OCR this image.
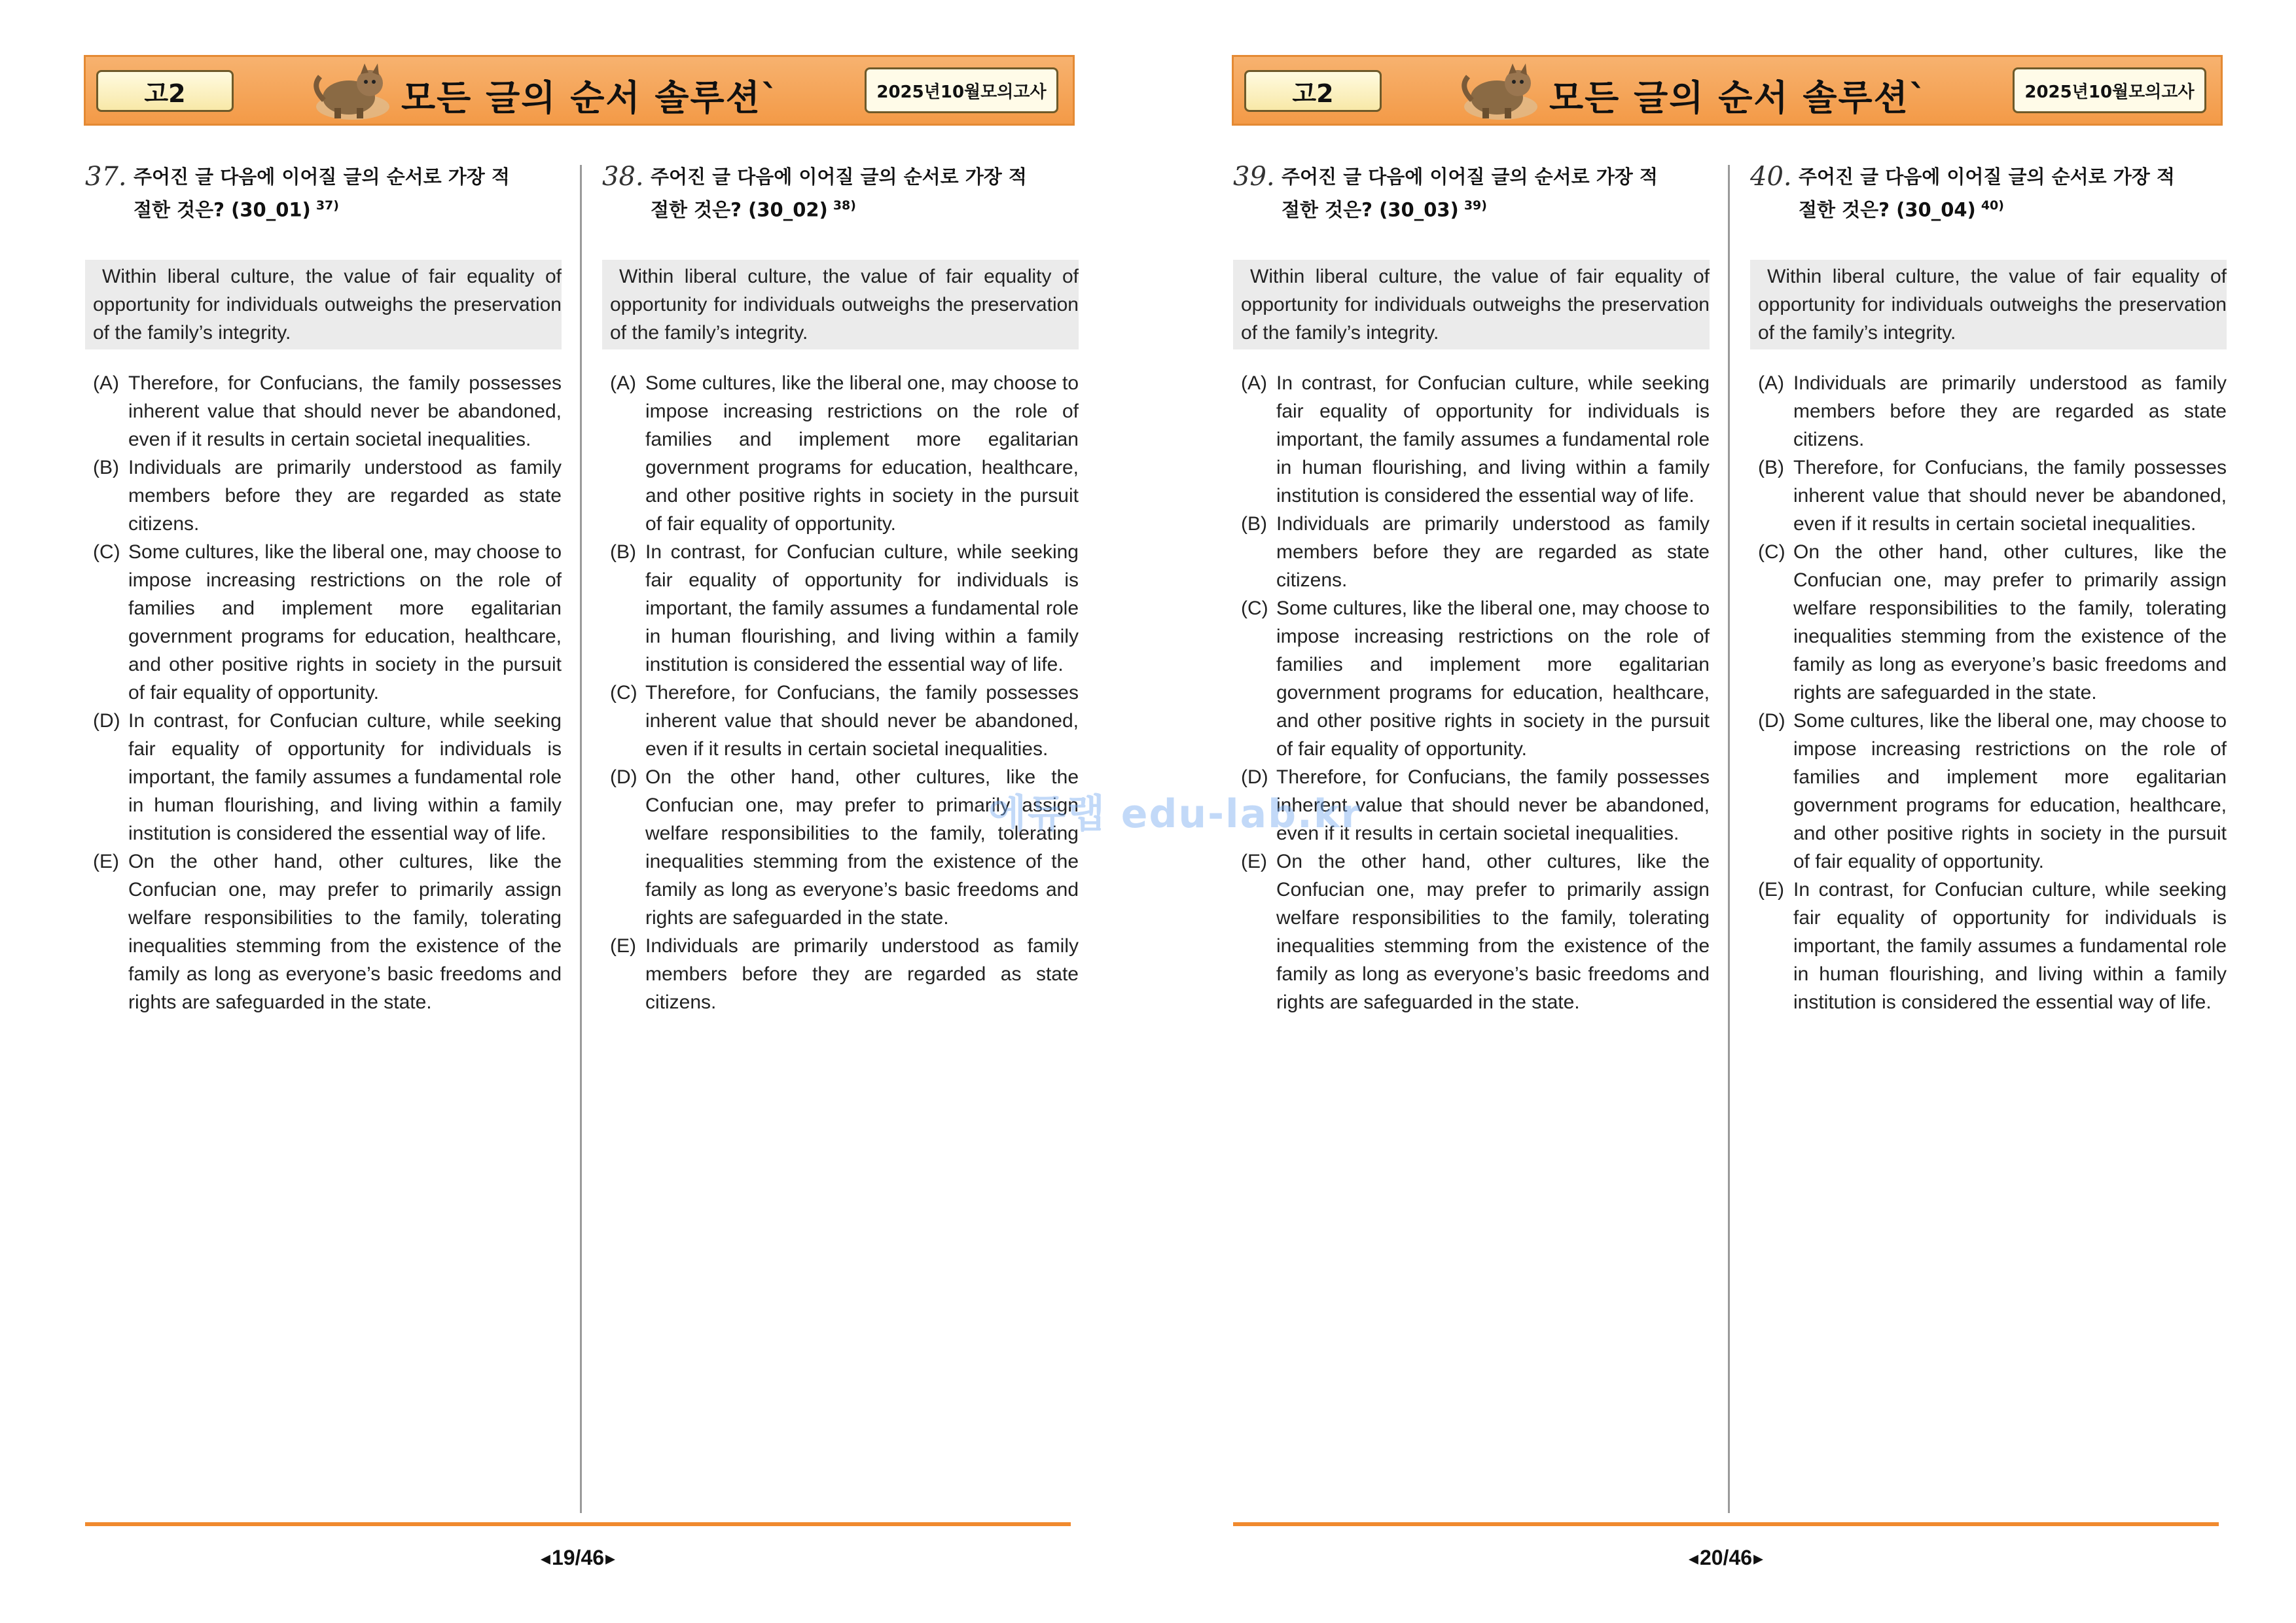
고2	모든 글의 순서 솔루션`	2025년10월모의고사
37. 주어진 글 다음에 이어질 글의 순서로 가장 적
절한 것은? (30_01) $^{37)}$
Within liberal culture, the value of fair equality of opportunity for individuals outweighs the preservation of the family’s integrity.
(A) Therefore, for Confucians, the family possesses inherent value that should never be abandoned, even if it results in certain societal inequalities.
(B) Individuals are primarily understood as family members before they are regarded as state citizens.
(C) Some cultures, like the liberal one, may choose to impose increasing restrictions on the role of families and implement more egalitarian government programs for education, healthcare, and other positive rights in society in the pursuit of fair equality of opportunity.
(D) In contrast, for Confucian culture, while seeking fair equality of opportunity for individuals is important, the family assumes a fundamental role in human flourishing, and living within a family institution is considered the essential way of life.
(E) On the other hand, other cultures, like the Confucian one, may prefer to primarily assign welfare responsibilities to the family, tolerating inequalities stemming from the existence of the family as long as everyone’s basic freedoms and rights are safeguarded in the state.
38. 주어진 글 다음에 이어질 글의 순서로 가장 적
절한 것은? (30_02) $^{38)}$
Within liberal culture, the value of fair equality of opportunity for individuals outweighs the preservation of the family’s integrity.
(A) Some cultures, like the liberal one, may choose to impose increasing restrictions on the role of families and implement more egalitarian government programs for education, healthcare, and other positive rights in society in the pursuit of fair equality of opportunity.
(B) In contrast, for Confucian culture, while seeking fair equality of opportunity for individuals is important, the family assumes a fundamental role in human flourishing, and living within a family institution is considered the essential way of life.
(C) Therefore, for Confucians, the family possesses inherent value that should never be abandoned, even if it results in certain societal inequalities.
(D) On the other hand, other cultures, like the Confucian one, may prefer to primarily assign welfare responsibilities to the family, tolerating inequalities stemming from the existence of the family as long as everyone’s basic freedoms and rights are safeguarded in the state.
(E) Individuals are primarily understood as family members before they are regarded as state citizens.
◂19/46▸
고2	모든 글의 순서 솔루션`	2025년10월모의고사
39. 주어진 글 다음에 이어질 글의 순서로 가장 적
절한 것은? (30_03) $^{39)}$
Within liberal culture, the value of fair equality of opportunity for individuals outweighs the preservation of the family’s integrity.
(A) In contrast, for Confucian culture, while seeking fair equality of opportunity for individuals is important, the family assumes a fundamental role in human flourishing, and living within a family institution is considered the essential way of life.
(B) Individuals are primarily understood as family members before they are regarded as state citizens.
(C) Some cultures, like the liberal one, may choose to impose increasing restrictions on the role of families and implement more egalitarian government programs for education, healthcare, and other positive rights in society in the pursuit of fair equality of opportunity.
(D) Therefore, for Confucians, the family possesses inherent value that should never be abandoned, even if it results in certain societal inequalities.
(E) On the other hand, other cultures, like the Confucian one, may prefer to primarily assign welfare responsibilities to the family, tolerating inequalities stemming from the existence of the family as long as everyone’s basic freedoms and rights are safeguarded in the state.
40. 주어진 글 다음에 이어질 글의 순서로 가장 적
절한 것은? (30_04) $^{40)}$
Within liberal culture, the value of fair equality of opportunity for individuals outweighs the preservation of the family’s integrity.
(A) Individuals are primarily understood as family members before they are regarded as state citizens.
(B) Therefore, for Confucians, the family possesses inherent value that should never be abandoned, even if it results in certain societal inequalities.
(C) On the other hand, other cultures, like the Confucian one, may prefer to primarily assign welfare responsibilities to the family, tolerating inequalities stemming from the existence of the family as long as everyone’s basic freedoms and rights are safeguarded in the state.
(D) Some cultures, like the liberal one, may choose to impose increasing restrictions on the role of families and implement more egalitarian government programs for education, healthcare, and other positive rights in society in the pursuit of fair equality of opportunity.
(E) In contrast, for Confucian culture, while seeking fair equality of opportunity for individuals is important, the family assumes a fundamental role in human flourishing, and living within a family institution is considered the essential way of life.
◂20/46▸
에듀랩 edu-lab.kr
